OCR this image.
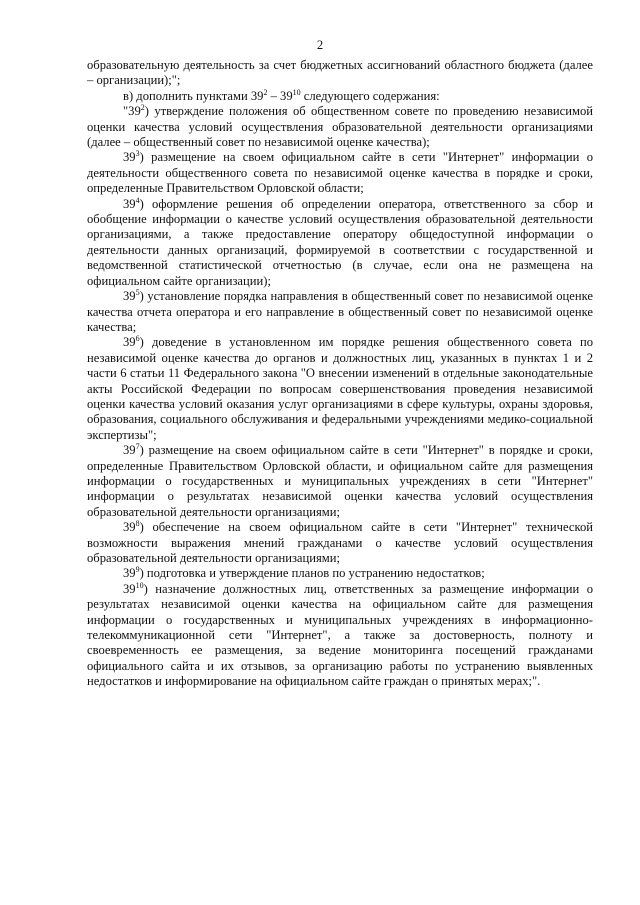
2

образовательную деятельность за счет бюджетных ассигнований областного бюджета (далее – организации);";

в) дополнить пунктами $39^2 - 39^{10}$ следующего содержания:

"$39^2$) утверждение положения об общественном совете по проведению независимой оценки качества условий осуществления образовательной деятельности организациями (далее – общественный совет по независимой оценке качества);

$39^3$) размещение на своем официальном сайте в сети "Интернет" информации о деятельности общественного совета по независимой оценке качества в порядке и сроки, определенные Правительством Орловской области;

$39^4$) оформление решения об определении оператора, ответственного за сбор и обобщение информации о качестве условий осуществления образовательной деятельности организациями, а также предоставление оператору общедоступной информации о деятельности данных организаций, формируемой в соответствии с государственной и ведомственной статистической отчетностью (в случае, если она не размещена на официальном сайте организации);

$39^5$) установление порядка направления в общественный совет по независимой оценке качества отчета оператора и его направление в общественный совет по независимой оценке качества;

$39^6$) доведение в установленном им порядке решения общественного совета по независимой оценке качества до органов и должностных лиц, указанных в пунктах 1 и 2 части 6 статьи 11 Федерального закона "О внесении изменений в отдельные законодательные акты Российской Федерации по вопросам совершенствования проведения независимой оценки качества условий оказания услуг организациями в сфере культуры, охраны здоровья, образования, социального обслуживания и федеральными учреждениями медико-социальной экспертизы";

$39^7$) размещение на своем официальном сайте в сети "Интернет" в порядке и сроки, определенные Правительством Орловской области, и официальном сайте для размещения информации о государственных и муниципальных учреждениях в сети "Интернет" информации о результатах независимой оценки качества условий осуществления образовательной деятельности организациями;

$39^8$) обеспечение на своем официальном сайте в сети "Интернет" технической возможности выражения мнений гражданами о качестве условий осуществления образовательной деятельности организациями;

$39^9$) подготовка и утверждение планов по устранению недостатков;

$39^{10}$) назначение должностных лиц, ответственных за размещение информации о результатах независимой оценки качества на официальном сайте для размещения информации о государственных и муниципальных учреждениях в информационно-телекоммуникационной сети "Интернет", а также за достоверность, полноту и своевременность ее размещения, за ведение мониторинга посещений гражданами официального сайта и их отзывов, за организацию работы по устранению выявленных недостатков и информирование на официальном сайте граждан о принятых мерах;".
